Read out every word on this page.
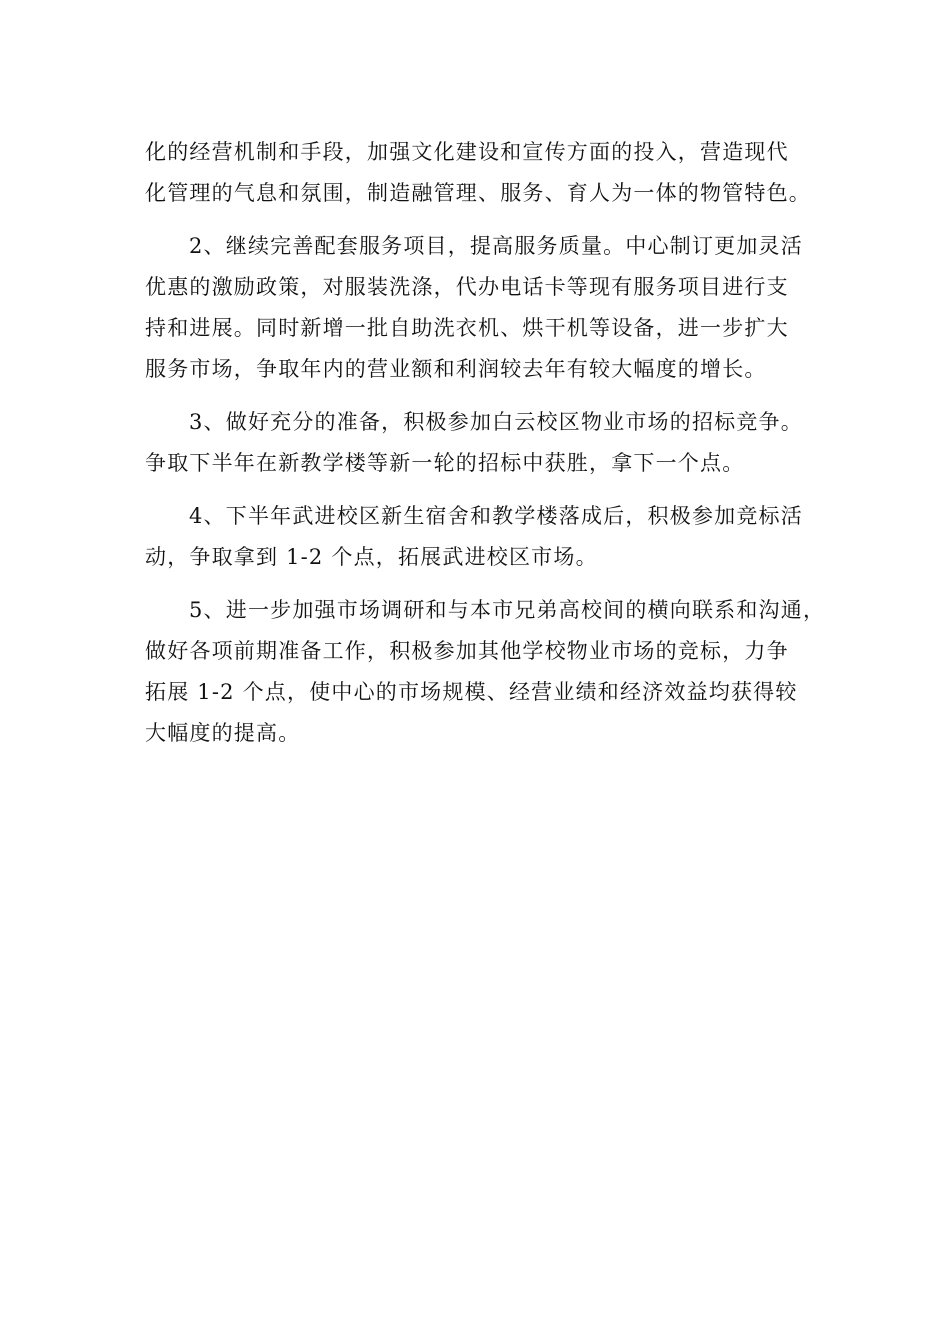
化的经营机制和手段，加强文化建设和宣传方面的投入，营造现代
化管理的气息和氛围，制造融管理、服务、育人为一体的物管特色。
2、继续完善配套服务项目，提高服务质量。中心制订更加灵活
优惠的激励政策，对服装洗涤，代办电话卡等现有服务项目进行支
持和进展。同时新增一批自助洗衣机、烘干机等设备，进一步扩大
服务市场，争取年内的营业额和利润较去年有较大幅度的增长。
3、做好充分的准备，积极参加白云校区物业市场的招标竞争。
争取下半年在新教学楼等新一轮的招标中获胜，拿下一个点。
4、下半年武进校区新生宿舍和教学楼落成后，积极参加竞标活
动，争取拿到 1-2 个点，拓展武进校区市场。
5、进一步加强市场调研和与本市兄弟高校间的横向联系和沟通，
做好各项前期准备工作，积极参加其他学校物业市场的竞标，力争
拓展 1-2 个点，使中心的市场规模、经营业绩和经济效益均获得较
大幅度的提高。
